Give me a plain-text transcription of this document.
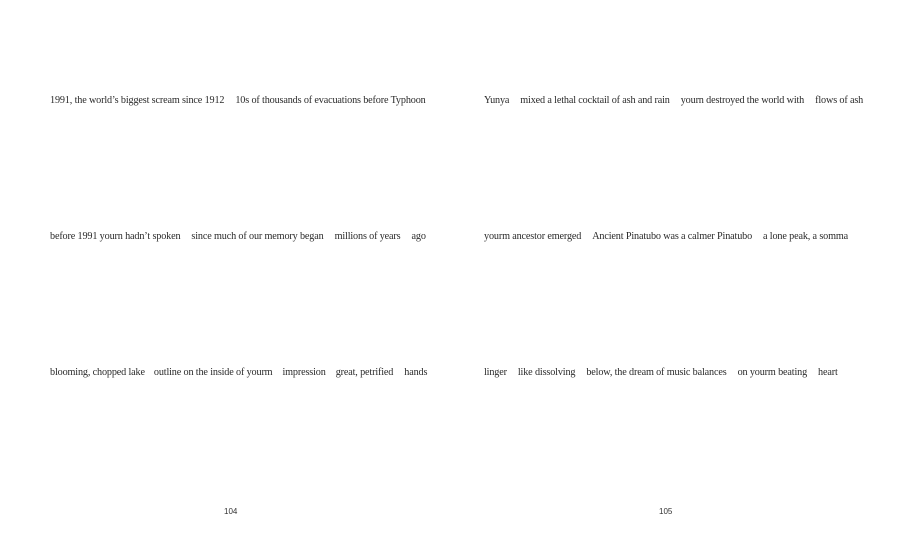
1991, the world’s biggest scream since 1912 10s of thousands of evacuations before Typhoon
before 1991 yourn hadn’t spoken since much of our memory began millions of years ago
blooming, chopped lake outline on the inside of yourm impression great, petrified hands
104
Yunya mixed a lethal cocktail of ash and rain yourn destroyed the world with flows of ash
yourm ancestor emerged Ancient Pinatubo was a calmer Pinatubo a lone peak, a somma
linger like dissolving below, the dream of music balances on yourm beating heart
105
